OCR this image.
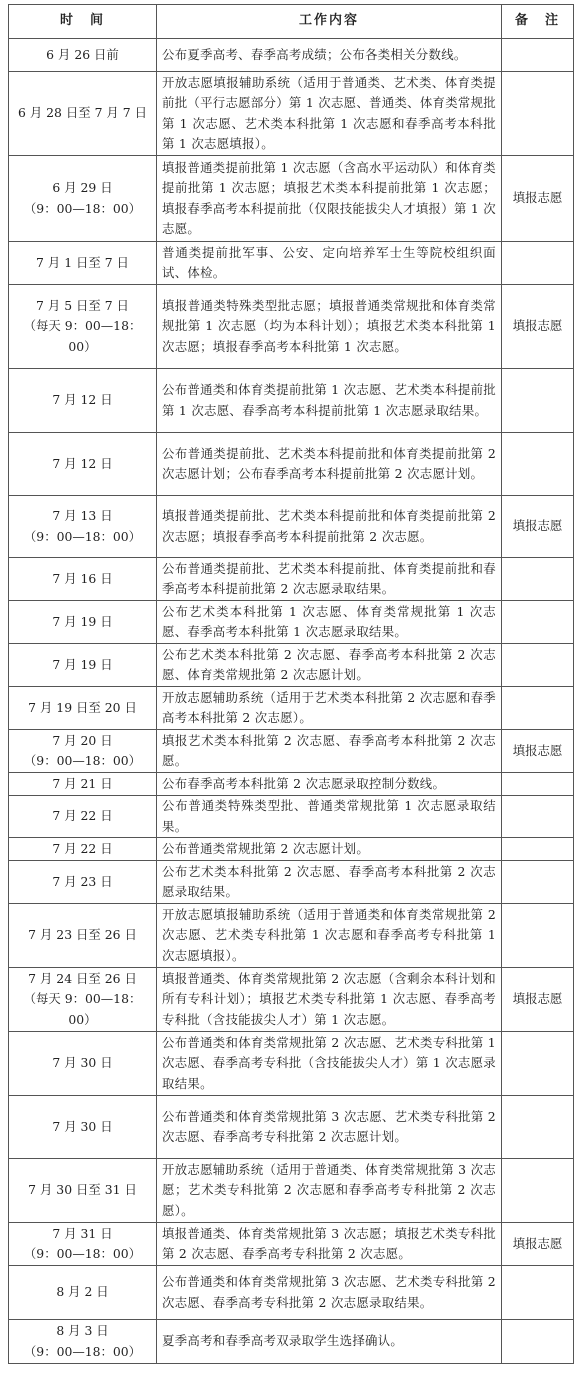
时　间	工作内容	备　注

6 月 26 日前	公布夏季高考、春季高考成绩；公布各类相关分数线。	

6 月 28 日至 7 月 7 日	开放志愿填报辅助系统（适用于普通类、艺术类、体育类提前批（平行志愿部分）第 1 次志愿、普通类、体育类常规批第 1 次志愿、艺术类本科批第 1 次志愿和春季高考本科批第 1 次志愿填报）。	

6 月 29 日
（9：00—18：00）	填报普通类提前批第 1 次志愿（含高水平运动队）和体育类提前批第 1 次志愿；填报艺术类本科提前批第 1 次志愿；填报春季高考本科提前批（仅限技能拔尖人才填报）第 1 次志愿。	填报志愿

7 月 1 日至 7 日	普通类提前批军事、公安、定向培养军士生等院校组织面试、体检。	

7 月 5 日至 7 日
（每天 9：00—18：00）	填报普通类特殊类型批志愿；填报普通类常规批和体育类常规批第 1 次志愿（均为本科计划）；填报艺术类本科批第 1 次志愿；填报春季高考本科批第 1 次志愿。	填报志愿

7 月 12 日	公布普通类和体育类提前批第 1 次志愿、艺术类本科提前批第 1 次志愿、春季高考本科提前批第 1 次志愿录取结果。	

7 月 12 日	公布普通类提前批、艺术类本科提前批和体育类提前批第 2 次志愿计划；公布春季高考本科提前批第 2 次志愿计划。	

7 月 13 日
（9：00—18：00）	填报普通类提前批、艺术类本科提前批和体育类提前批第 2 次志愿；填报春季高考本科提前批第 2 次志愿。	填报志愿

7 月 16 日	公布普通类提前批、艺术类本科提前批、体育类提前批和春季高考本科提前批第 2 次志愿录取结果。	

7 月 19 日	公布艺术类本科批第 1 次志愿、体育类常规批第 1 次志愿、春季高考本科批第 1 次志愿录取结果。	

7 月 19 日	公布艺术类本科批第 2 次志愿、春季高考本科批第 2 次志愿、体育类常规批第 2 次志愿计划。	

7 月 19 日至 20 日	开放志愿辅助系统（适用于艺术类本科批第 2 次志愿和春季高考本科批第 2 次志愿）。	

7 月 20 日
（9：00—18：00）	填报艺术类本科批第 2 次志愿、春季高考本科批第 2 次志愿。	填报志愿

7 月 21 日	公布春季高考本科批第 2 次志愿录取控制分数线。	

7 月 22 日	公布普通类特殊类型批、普通类常规批第 1 次志愿录取结果。	

7 月 22 日	公布普通类常规批第 2 次志愿计划。	

7 月 23 日	公布艺术类本科批第 2 次志愿、春季高考本科批第 2 次志愿录取结果。	

7 月 23 日至 26 日	开放志愿填报辅助系统（适用于普通类和体育类常规批第 2 次志愿、艺术类专科批第 1 次志愿和春季高考专科批第 1 次志愿填报）。	

7 月 24 日至 26 日
（每天 9：00—18：00）	填报普通类、体育类常规批第 2 次志愿（含剩余本科计划和所有专科计划）；填报艺术类专科批第 1 次志愿、春季高考专科批（含技能拔尖人才）第 1 次志愿。	填报志愿

7 月 30 日	公布普通类和体育类常规批第 2 次志愿、艺术类专科批第 1 次志愿、春季高考专科批（含技能拔尖人才）第 1 次志愿录取结果。	

7 月 30 日	公布普通类和体育类常规批第 3 次志愿、艺术类专科批第 2 次志愿、春季高考专科批第 2 次志愿计划。	

7 月 30 日至 31 日	开放志愿辅助系统（适用于普通类、体育类常规批第 3 次志愿；艺术类专科批第 2 次志愿和春季高考专科批第 2 次志愿）。	

7 月 31 日
（9：00—18：00）	填报普通类、体育类常规批第 3 次志愿；填报艺术类专科批第 2 次志愿、春季高考专科批第 2 次志愿。	填报志愿

8 月 2 日	公布普通类和体育类常规批第 3 次志愿、艺术类专科批第 2 次志愿、春季高考专科批第 2 次志愿录取结果。	

8 月 3 日
（9：00—18：00）	夏季高考和春季高考双录取学生选择确认。	
